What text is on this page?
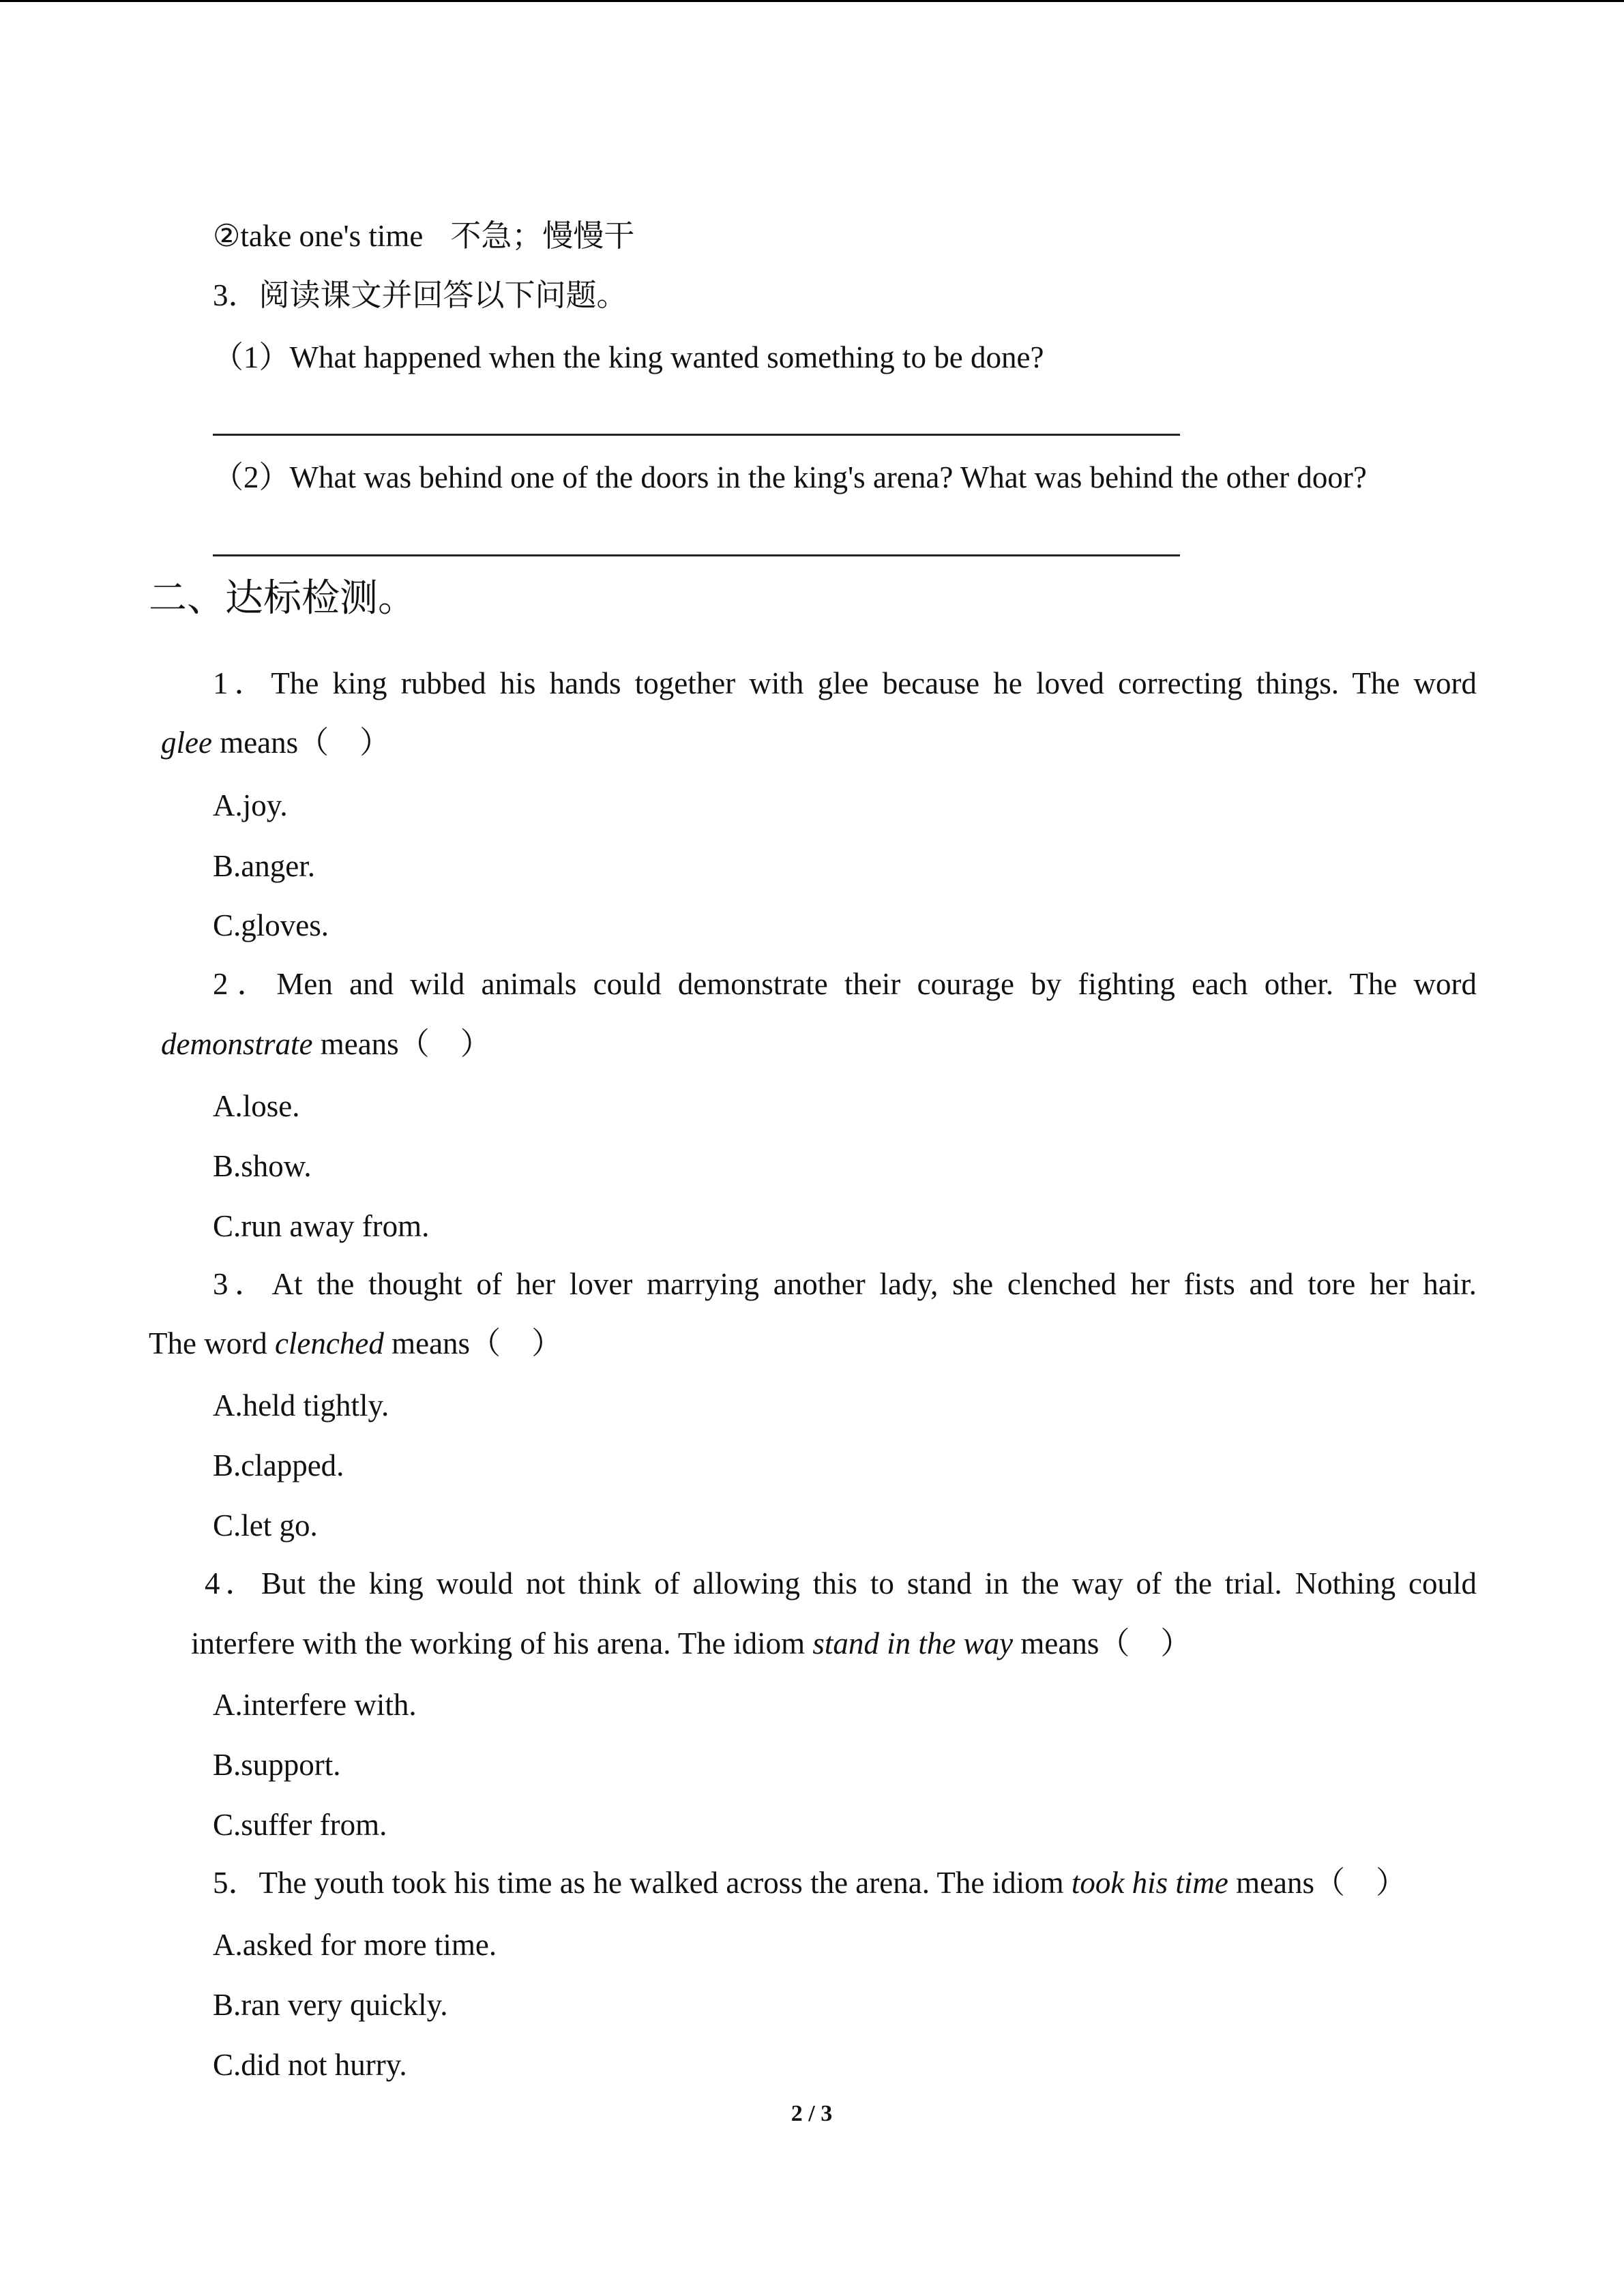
②take one's time 不急；慢慢干
3．阅读课文并回答以下问题。
（1）What happened when the king wanted something to be done?
（2）What was behind one of the doors in the king's arena? What was behind the other door?
二、达标检测。
1．The king rubbed his hands together with glee because he loved correcting things. The word
glee means（　）
A.joy.
B.anger.
C.gloves.
2．Men and wild animals could demonstrate their courage by fighting each other. The word
demonstrate means（　）
A.lose.
B.show.
C.run away from.
3．At the thought of her lover marrying another lady, she clenched her fists and tore her hair.
The word clenched means（　）
A.held tightly.
B.clapped.
C.let go.
4．But the king would not think of allowing this to stand in the way of the trial. Nothing could
interfere with the working of his arena. The idiom stand in the way means（　）
A.interfere with.
B.support.
C.suffer from.
5．The youth took his time as he walked across the arena. The idiom took his time means（　）
A.asked for more time.
B.ran very quickly.
C.did not hurry.
2 / 3
